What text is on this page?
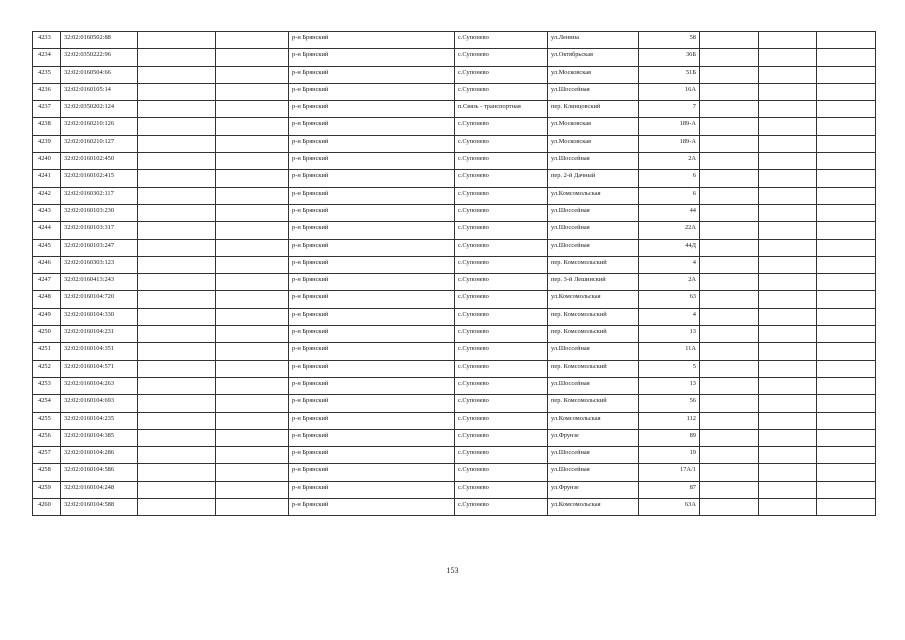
4233	32:02:0160502:88			р-н Брянский	с.Супонево	ул.Ленина	58			
4234	32:02:0350222:96			р-н Брянский	с.Супонево	ул.Октябрьская	36Б			
4235	32:02:0160504:66			р-н Брянский	с.Супонево	ул.Московская	51Б			
4236	32:02:0160105:14			р-н Брянский	с.Супонево	ул.Шоссейная	16А			
4237	32:02:0350202:124			р-н Брянский	п.Связь - транспортная	пер. Клинцовский	7			
4238	32:02:0160210:126			р-н Брянский	с.Супонево	ул.Московская	189-А			
4239	32:02:0160210:127			р-н Брянский	с.Супонево	ул.Московская	189-А			
4240	32:02:0160102:450			р-н Брянский	с.Супонево	ул.Шоссейная	2А			
4241	32:02:0160102:415			р-н Брянский	с.Супонево	пер. 2-й Дачный	6			
4242	32:02:0160302:117			р-н Брянский	с.Супонево	ул.Комсомольская	6			
4243	32:02:0160103:230			р-н Брянский	с.Супонево	ул.Шоссейная	44			
4244	32:02:0160103:317			р-н Брянский	с.Супонево	ул.Шоссейная	22А			
4245	32:02:0160103:247			р-н Брянский	с.Супонево	ул.Шоссейная	44Д			
4246	32:02:0160303:123			р-н Брянский	с.Супонево	пер. Комсомольский	4			
4247	32:02:0160413:243			р-н Брянский	с.Супонево	пер. 3-й Лешинский	2А			
4248	32:02:0160104:720			р-н Брянский	с.Супонево	ул.Комсомольская	63			
4249	32:02:0160104:330			р-н Брянский	с.Супонево	пер. Комсомольский	4			
4250	32:02:0160104:231			р-н Брянский	с.Супонево	пер. Комсомольский	13			
4251	32:02:0160104:351			р-н Брянский	с.Супонево	ул.Шоссейная	11А			
4252	32:02:0160104:571			р-н Брянский	с.Супонево	пер. Комсомольский	5			
4253	32:02:0160104:263			р-н Брянский	с.Супонево	ул.Шоссейная	13			
4254	32:02:0160104:693			р-н Брянский	с.Супонево	пер. Комсомольский	56			
4255	32:02:0160104:235			р-н Брянский	с.Супонево	ул.Комсомольская	112			
4256	32:02:0160104:385			р-н Брянский	с.Супонево	ул.Фрунзе	89			
4257	32:02:0160104:286			р-н Брянский	с.Супонево	ул.Шоссейная	19			
4258	32:02:0160104:586			р-н Брянский	с.Супонево	ул.Шоссейная	17А/1			
4259	32:02:0160104:248			р-н Брянский	с.Супонево	ул.Фрунзе	87			
4260	32:02:0160104:588			р-н Брянский	с.Супонево	ул.Комсомольская	63А			
153
